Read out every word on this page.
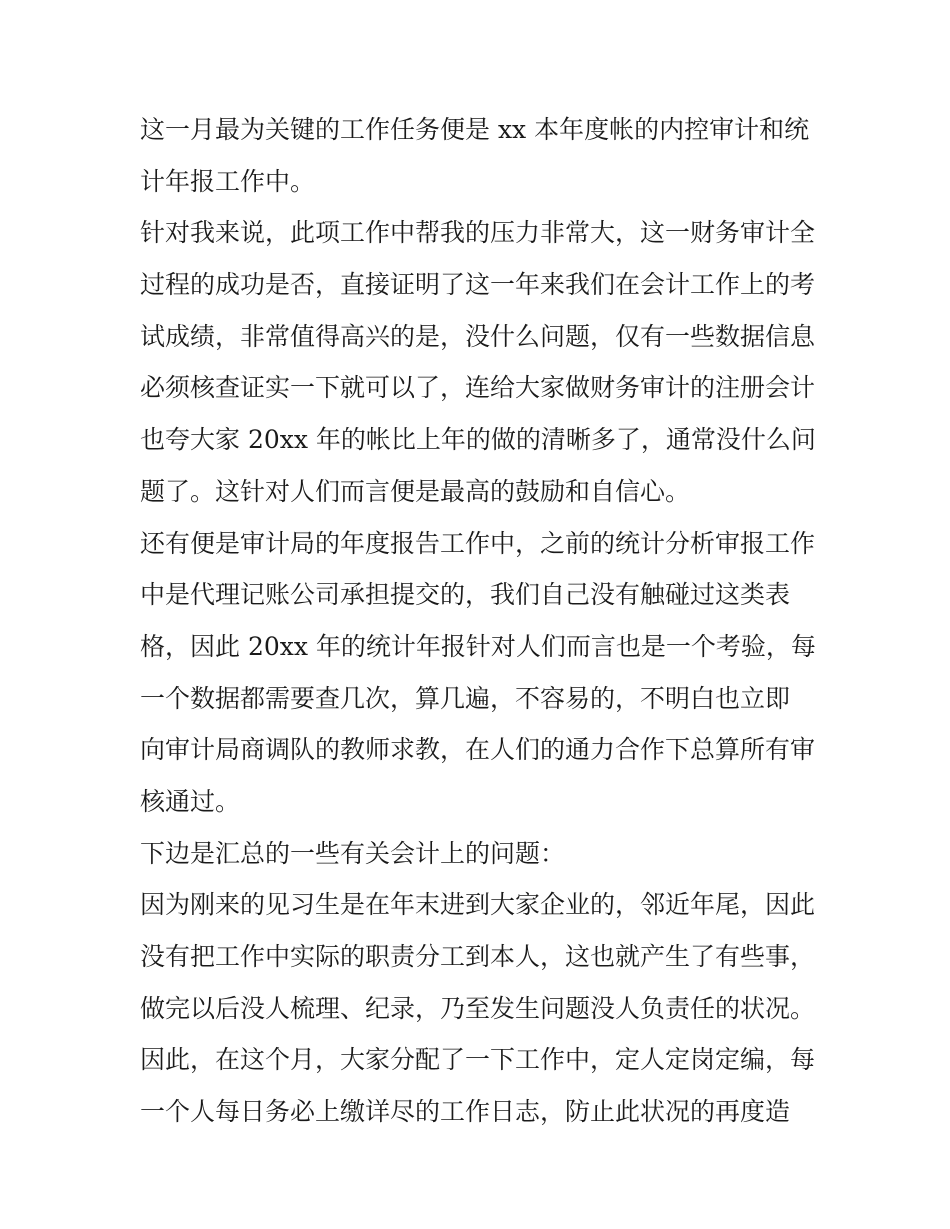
这一月最为关键的工作任务便是 xx 本年度帐的内控审计和统
计年报工作中。
针对我来说，此项工作中帮我的压力非常大，这一财务审计全
过程的成功是否，直接证明了这一年来我们在会计工作上的考
试成绩，非常值得高兴的是，没什么问题，仅有一些数据信息
必须核查证实一下就可以了，连给大家做财务审计的注册会计
也夸大家 20xx 年的帐比上年的做的清晰多了，通常没什么问
题了。这针对人们而言便是最高的鼓励和自信心。
还有便是审计局的年度报告工作中，之前的统计分析审报工作
中是代理记账公司承担提交的，我们自己没有触碰过这类表
格，因此 20xx 年的统计年报针对人们而言也是一个考验，每
一个数据都需要查几次，算几遍，不容易的，不明白也立即
向审计局商调队的教师求教，在人们的通力合作下总算所有审
核通过。
下边是汇总的一些有关会计上的问题：
因为刚来的见习生是在年末进到大家企业的，邻近年尾，因此
没有把工作中实际的职责分工到本人，这也就产生了有些事，
做完以后没人梳理、纪录，乃至发生问题没人负责任的状况。
因此，在这个月，大家分配了一下工作中，定人定岗定编，每
一个人每日务必上缴详尽的工作日志，防止此状况的再度造
